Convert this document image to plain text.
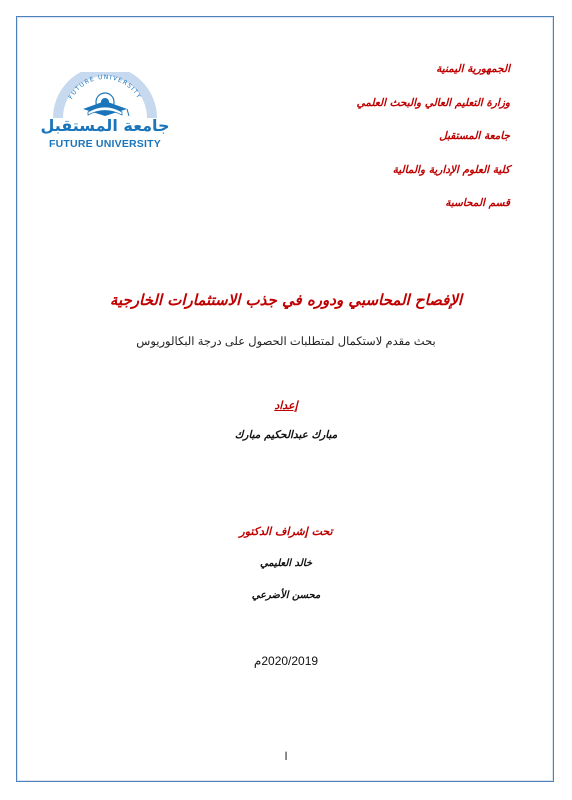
الجمهورية اليمنية
وزارة التعليم العالي والبحث العلمي
جامعة المستقبل
كلية العلوم الإدارية والمالية
قسم المحاسبة
FUTURE UNIVERSITY
جامعة المستقبل
FUTURE UNIVERSITY
الإفصاح المحاسبي ودوره في جذب الاستثمارات الخارجية
بحث مقدم لاستكمال لمتطلبات الحصول على درجة البكالوريوس
إعداد
مبارك عبدالحكيم مبارك
تحت إشراف الدكتور
خالد العليمي
محسن الأضرعي
2020/2019م
ا
